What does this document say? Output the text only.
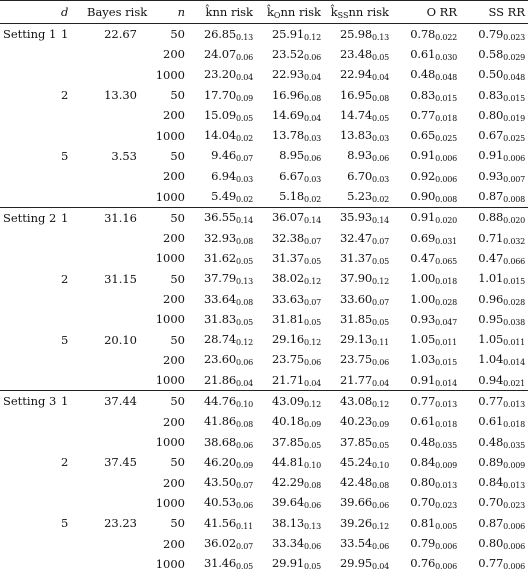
	d	Bayes risk	n	k̂nn risk	k̂Onn risk	k̂SSnn risk	O RR	SS RR
Setting 1	1	22.67	50	$26.85_{0.13}$	$25.91_{0.12}$	$25.98_{0.13}$	$0.78_{0.022}$	$0.79_{0.023}$
			200	$24.07_{0.06}$	$23.52_{0.06}$	$23.48_{0.05}$	$0.61_{0.030}$	$0.58_{0.029}$
			1000	$23.20_{0.04}$	$22.93_{0.04}$	$22.94_{0.04}$	$0.48_{0.048}$	$0.50_{0.048}$
	2	13.30	50	$17.70_{0.09}$	$16.96_{0.08}$	$16.95_{0.08}$	$0.83_{0.015}$	$0.83_{0.015}$
			200	$15.09_{0.05}$	$14.69_{0.04}$	$14.74_{0.05}$	$0.77_{0.018}$	$0.80_{0.019}$
			1000	$14.04_{0.02}$	$13.78_{0.03}$	$13.83_{0.03}$	$0.65_{0.025}$	$0.67_{0.025}$
	5	3.53	50	$9.46_{0.07}$	$8.95_{0.06}$	$8.93_{0.06}$	$0.91_{0.006}$	$0.91_{0.006}$
			200	$6.94_{0.03}$	$6.67_{0.03}$	$6.70_{0.03}$	$0.92_{0.006}$	$0.93_{0.007}$
			1000	$5.49_{0.02}$	$5.18_{0.02}$	$5.23_{0.02}$	$0.90_{0.008}$	$0.87_{0.008}$
Setting 2	1	31.16	50	$36.55_{0.14}$	$36.07_{0.14}$	$35.93_{0.14}$	$0.91_{0.020}$	$0.88_{0.020}$
			200	$32.93_{0.08}$	$32.38_{0.07}$	$32.47_{0.07}$	$0.69_{0.031}$	$0.71_{0.032}$
			1000	$31.62_{0.05}$	$31.37_{0.05}$	$31.37_{0.05}$	$0.47_{0.065}$	$0.47_{0.066}$
	2	31.15	50	$37.79_{0.13}$	$38.02_{0.12}$	$37.90_{0.12}$	$1.00_{0.018}$	$1.01_{0.015}$
			200	$33.64_{0.08}$	$33.63_{0.07}$	$33.60_{0.07}$	$1.00_{0.028}$	$0.96_{0.028}$
			1000	$31.83_{0.05}$	$31.81_{0.05}$	$31.85_{0.05}$	$0.93_{0.047}$	$0.95_{0.038}$
	5	20.10	50	$28.74_{0.12}$	$29.16_{0.12}$	$29.13_{0.11}$	$1.05_{0.011}$	$1.05_{0.011}$
			200	$23.60_{0.06}$	$23.75_{0.06}$	$23.75_{0.06}$	$1.03_{0.015}$	$1.04_{0.014}$
			1000	$21.86_{0.04}$	$21.71_{0.04}$	$21.77_{0.04}$	$0.91_{0.014}$	$0.94_{0.021}$
Setting 3	1	37.44	50	$44.76_{0.10}$	$43.09_{0.12}$	$43.08_{0.12}$	$0.77_{0.013}$	$0.77_{0.013}$
			200	$41.86_{0.08}$	$40.18_{0.09}$	$40.23_{0.09}$	$0.61_{0.018}$	$0.61_{0.018}$
			1000	$38.68_{0.06}$	$37.85_{0.05}$	$37.85_{0.05}$	$0.48_{0.035}$	$0.48_{0.035}$
	2	37.45	50	$46.20_{0.09}$	$44.81_{0.10}$	$45.24_{0.10}$	$0.84_{0.009}$	$0.89_{0.009}$
			200	$43.50_{0.07}$	$42.29_{0.08}$	$42.48_{0.08}$	$0.80_{0.013}$	$0.84_{0.013}$
			1000	$40.53_{0.06}$	$39.64_{0.06}$	$39.66_{0.06}$	$0.70_{0.023}$	$0.70_{0.023}$
	5	23.23	50	$41.56_{0.11}$	$38.13_{0.13}$	$39.26_{0.12}$	$0.81_{0.005}$	$0.87_{0.006}$
			200	$36.02_{0.07}$	$33.34_{0.06}$	$33.54_{0.06}$	$0.79_{0.006}$	$0.80_{0.006}$
			1000	$31.46_{0.05}$	$29.91_{0.05}$	$29.95_{0.04}$	$0.76_{0.006}$	$0.77_{0.006}$
